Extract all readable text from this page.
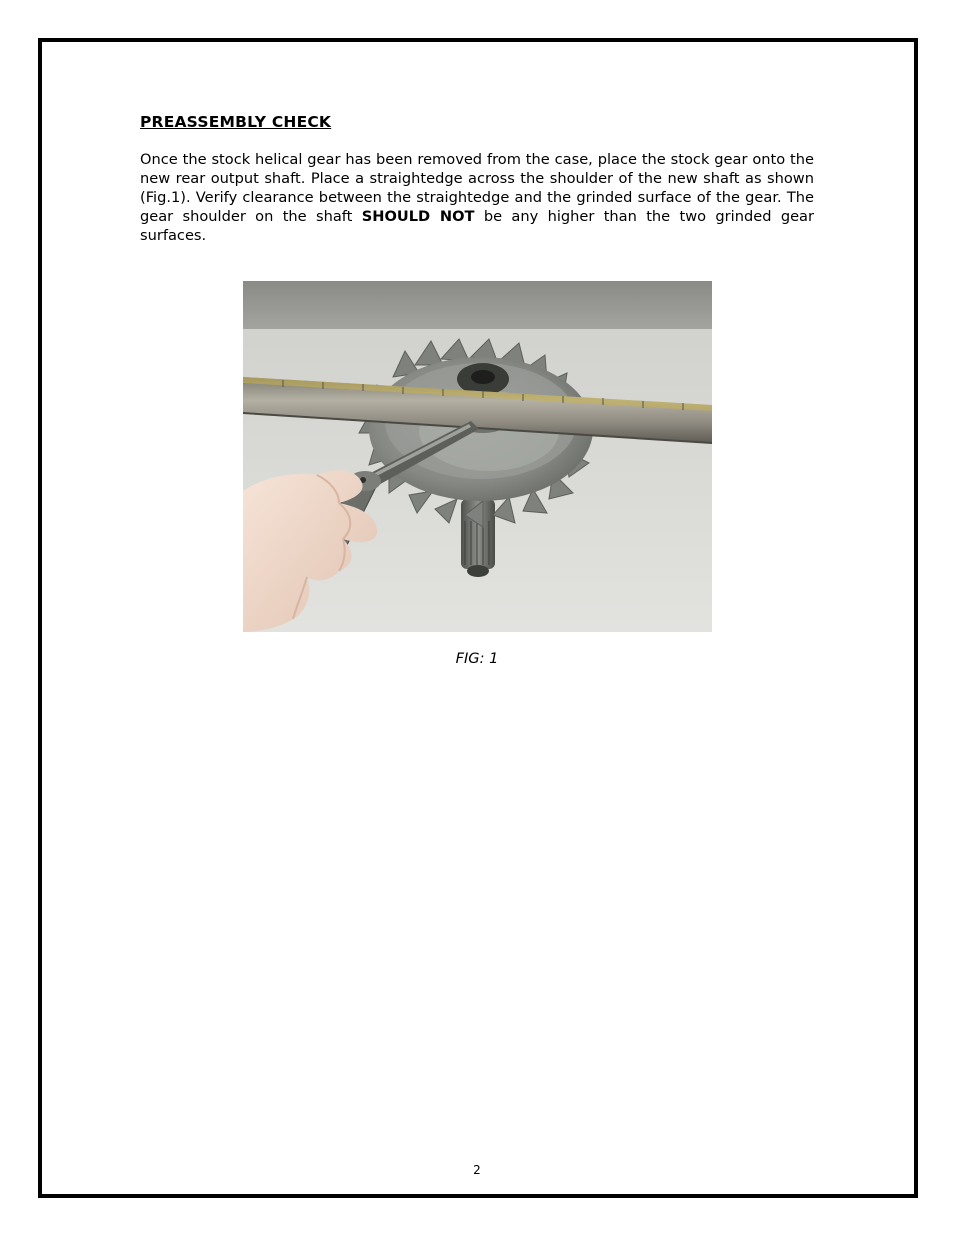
PREASSEMBLY CHECK

Once the stock helical gear has been removed from the case, place the stock gear onto the new rear output shaft. Place a straightedge across the shoulder of the new shaft as shown (Fig.1). Verify clearance between the straightedge and the grinded surface of the gear. The gear shoulder on the shaft SHOULD NOT be any higher than the two grinded gear surfaces.

FIG: 1

2
